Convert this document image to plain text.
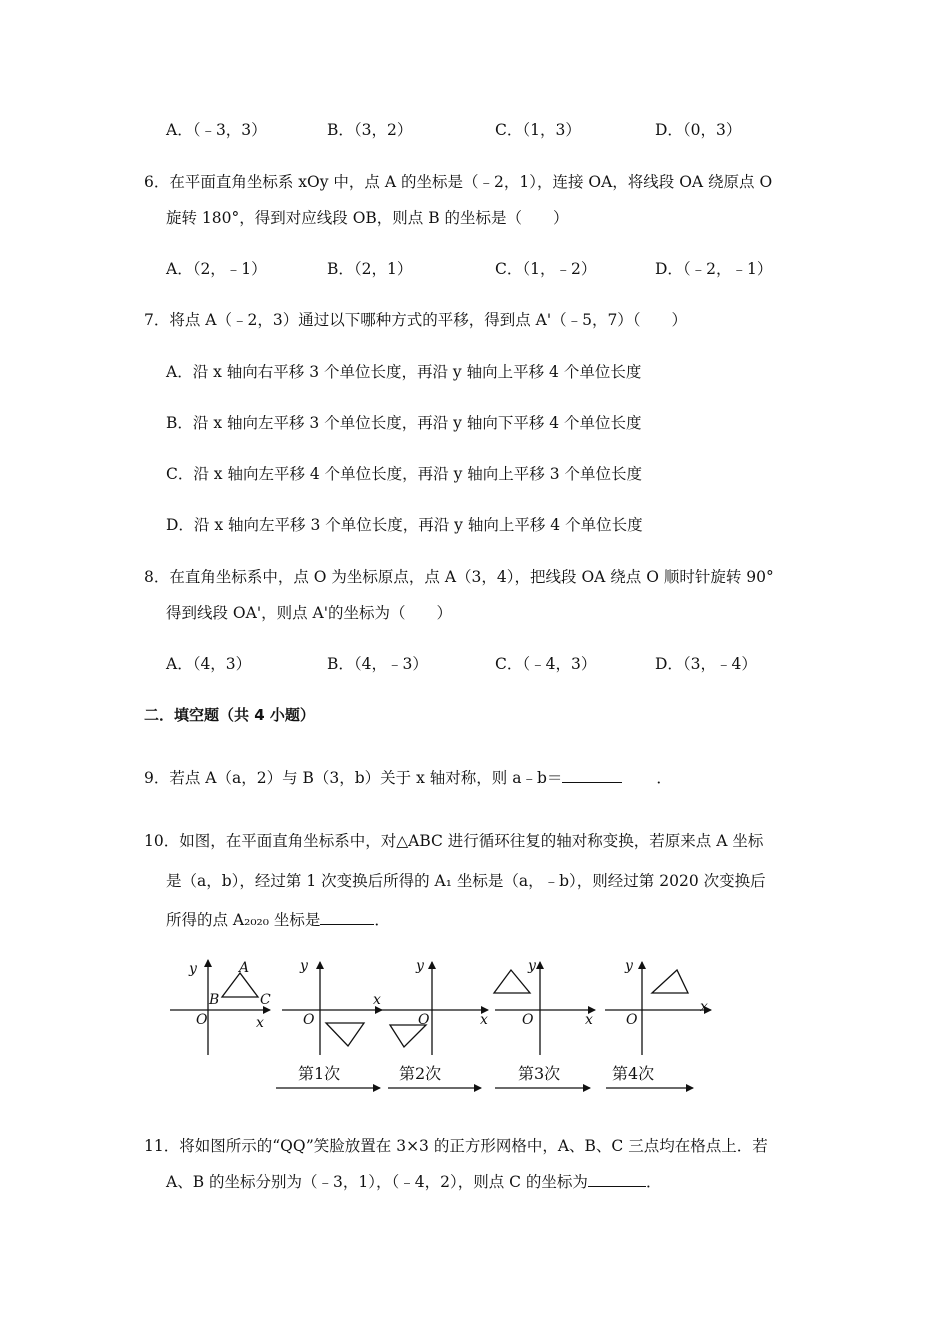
A．（﹣3，3）	B．（3，2）	C．（1，3）	D．（0，3）
6．在平面直角坐标系 xOy 中，点 A 的坐标是（﹣2，1），连接 OA，将线段 OA 绕原点 O
旋转 180°，得到对应线段 OB，则点 B 的坐标是（　　）
A．（2，﹣1）	B．（2，1）	C．（1，﹣2）	D．（﹣2，﹣1）
7．将点 A（﹣2，3）通过以下哪种方式的平移，得到点 A'（﹣5，7）（　　）
A．沿 x 轴向右平移 3 个单位长度，再沿 y 轴向上平移 4 个单位长度
B．沿 x 轴向左平移 3 个单位长度，再沿 y 轴向下平移 4 个单位长度
C．沿 x 轴向左平移 4 个单位长度，再沿 y 轴向上平移 3 个单位长度
D．沿 x 轴向左平移 3 个单位长度，再沿 y 轴向上平移 4 个单位长度
8．在直角坐标系中，点 O 为坐标原点，点 A（3，4），把线段 OA 绕点 O 顺时针旋转 90°
得到线段 OA'，则点 A'的坐标为（　　）
A．（4，3）	B．（4，﹣3）	C．（﹣4，3）	D．（3，﹣4）
二．填空题（共 4 小题）
9．若点 A（a，2）与 B（3，b）关于 x 轴对称，则 a﹣b＝	．
10．如图，在平面直角坐标系中，对△ABC 进行循环往复的轴对称变换，若原来点 A 坐标
是（a，b），经过第 1 次变换后所得的 A₁ 坐标是（a，﹣b），则经过第 2020 次变换后
所得的点 A₂₀₂₀ 坐标是	．
y	A
B	C
O	x
y
O
x
y
O	x
y
O	x
y
O
x
第1次	第2次	第3次	第4次
11．将如图所示的“QQ”笑脸放置在 3×3 的正方形网格中，A、B、C 三点均在格点上．若
A、B 的坐标分别为（﹣3，1），（﹣4，2），则点 C 的坐标为	．
